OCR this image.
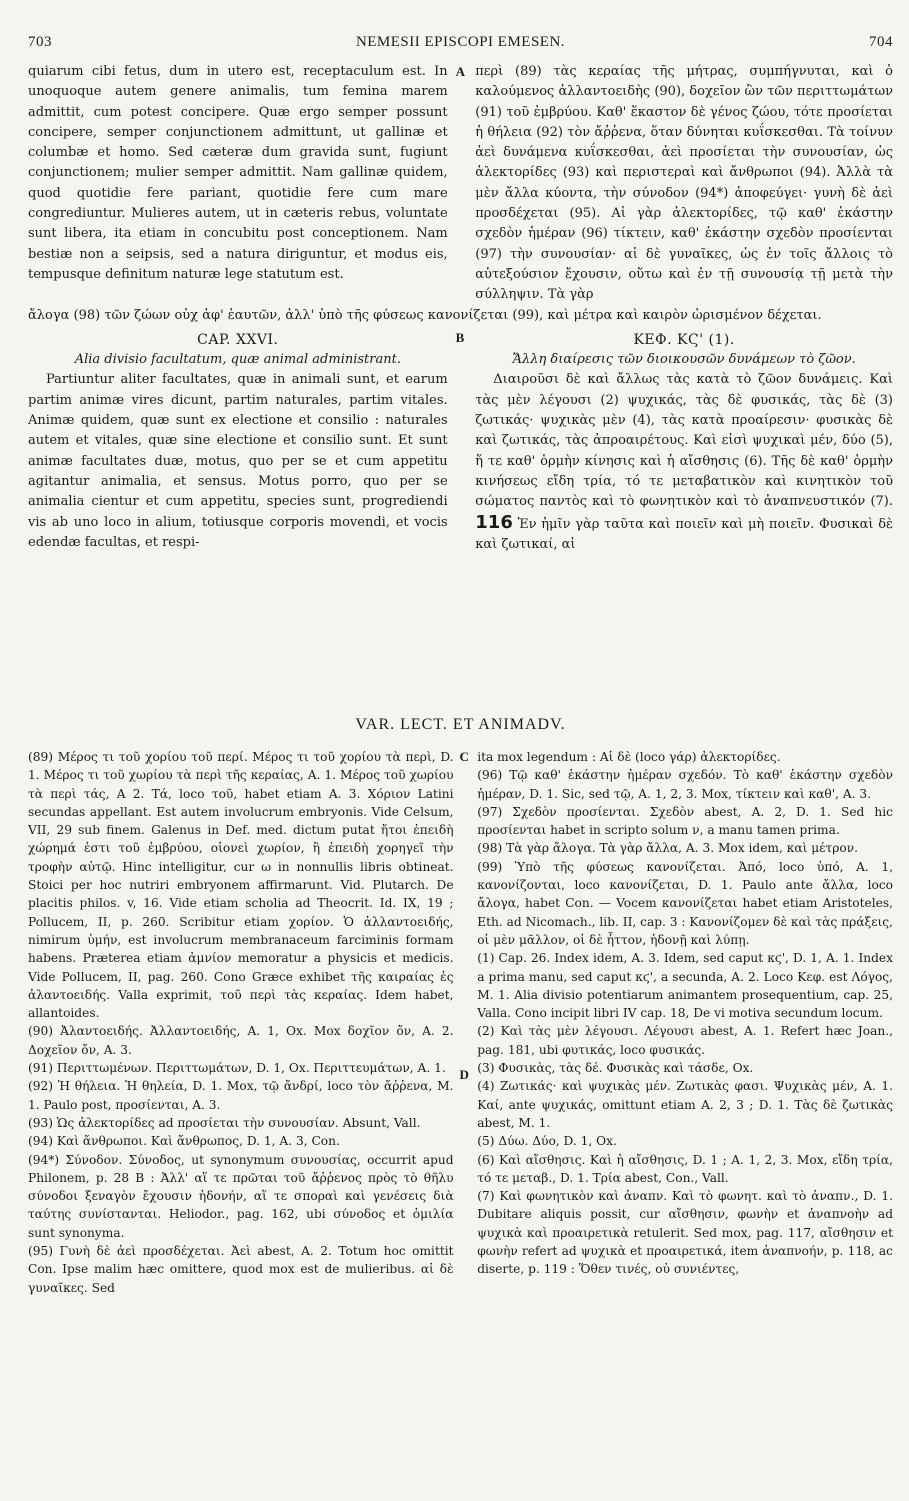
703	NEMESII EPISCOPI EMESEN.	704

quiarum cibi fetus, dum in utero est, receptaculum est. In unoquoque autem genere animalis, tum femina marem admittit, cum potest concipere. Quæ ergo semper possunt concipere, semper conjunctionem admittunt, ut gallinæ et columbæ et homo. Sed cæteræ dum gravida sunt, fugiunt conjunctionem; mulier semper admittit. Nam gallinæ quidem, quod quotidie fere pariant, quotidie fere cum mare congrediuntur. Mulieres autem, ut in cæteris rebus, voluntate sunt libera, ita etiam in concubitu post conceptionem. Nam bestiæ non a seipsis, sed a natura diriguntur, et modus eis, tempusque definitum naturæ lege statutum est.

A περὶ (89) τὰς κεραίας τῆς μήτρας, συμπήγνυται, καὶ ὁ καλούμενος ἀλλαντοειδὴς (90), δοχεῖον ὢν τῶν περιττωμάτων (91) τοῦ ἐμβρύου. Καθ' ἕκαστον δὲ γένος ζώου, τότε προσίεται ἡ θήλεια (92) τὸν ἄῤῥενα, ὅταν δύνηται κυΐσκεσθαι. Τὰ τοίνυν ἀεὶ δυνάμενα κυΐσκεσθαι, ἀεὶ προσίεται τὴν συνουσίαν, ὡς ἀλεκτορίδες (93) καὶ περιστεραὶ καὶ ἄνθρωποι (94). Ἀλλὰ τὰ μὲν ἄλλα κύοντα, τὴν σύνοδον (94*) ἀποφεύγει· γυνὴ δὲ ἀεὶ προσδέχεται (95). Αἱ γὰρ ἀλεκτορίδες, τῷ καθ' ἑκάστην σχεδὸν ἡμέραν (96) τίκτειν, καθ' ἑκάστην σχεδὸν προσίενται (97) τὴν συνουσίαν· αἱ δὲ γυναῖκες, ὡς ἐν τοῖς ἄλλοις τὸ αὐτεξούσιον ἔχουσιν, οὕτω καὶ ἐν τῇ συνουσίᾳ τῇ μετὰ τὴν σύλληψιν. Τὰ γὰρ

ἄλογα (98) τῶν ζώων οὐχ ἀφ' ἑαυτῶν, ἀλλ' ὑπὸ τῆς φύσεως κανονίζεται (99), καὶ μέτρα καὶ καιρὸν ὡρισμένον δέχεται.

CAP. XXVI.

Alia divisio facultatum, quæ animal administrant.

Partiuntur aliter facultates, quæ in animali sunt, et earum partim animæ vires dicunt, partim naturales, partim vitales. Animæ quidem, quæ sunt ex electione et consilio : naturales autem et vitales, quæ sine electione et consilio sunt. Et sunt animæ facultates duæ, motus, quo per se et cum appetitu agitantur animalia, et sensus. Motus porro, quo per se animalia cientur et cum appetitu, species sunt, progrediendi vis ab uno loco in alium, totiusque corporis movendi, et vocis edendæ facultas, et respi-

B	ΚΕΦ. ΚϚ' (1).

Ἄλλη διαίρεσις τῶν διοικουσῶν δυνάμεων τὸ ζῶον.

Διαιροῦσι δὲ καὶ ἄλλως τὰς κατὰ τὸ ζῶον δυνάμεις. Καὶ τὰς μὲν λέγουσι (2) ψυχικάς, τὰς δὲ φυσικάς, τὰς δὲ (3) ζωτικάς· ψυχικὰς μὲν (4), τὰς κατὰ προαίρεσιν· φυσικὰς δὲ καὶ ζωτικάς, τὰς ἀπροαιρέτους. Καὶ εἰσὶ ψυχικαὶ μέν, δύο (5), ἥ τε καθ' ὁρμὴν κίνησις καὶ ἡ αἴσθησις (6). Τῆς δὲ καθ' ὁρμὴν κινήσεως εἴδη τρία, τό τε μεταβατικὸν καὶ κινητικὸν τοῦ σώματος παντὸς καὶ τὸ φωνητικὸν καὶ τὸ ἀναπνευστικόν (7). 116 Ἐν ἡμῖν γὰρ ταῦτα καὶ ποιεῖν καὶ μὴ ποιεῖν. Φυσικαὶ δὲ καὶ ζωτικαί, αἱ

VAR. LECT. ET ANIMADV.

(89) Μέρος τι τοῦ χορίου τοῦ περί. Μέρος τι τοῦ χορίου τὰ περὶ, D. 1. Μέρος τι τοῦ χωρίου τὰ περὶ τῆς κεραίας, A. 1. Μέρος τοῦ χωρίου τὰ περὶ τάς, A 2. Τά, loco τοῦ, habet etiam A. 3. Χόριον Latini secundas appellant. Est autem involucrum embryonis. Vide Celsum, VII, 29 sub finem. Galenus in Def. med. dictum putat ἤτοι ἐπειδὴ χώρημά ἐστι τοῦ ἐμβρύου, οἱονεὶ χωρίον, ἢ ἐπειδὴ χορηγεῖ τὴν τροφὴν αὐτῷ. Hinc intelligitur, cur ω in nonnullis libris obtineat. Stoici per hoc nutriri embryonem affirmarunt. Vid. Plutarch. De placitis philos. v, 16. Vide etiam scholia ad Theocrit. Id. IX, 19 ; Pollucem, II, p. 260. Scribitur etiam χορίον. Ὁ ἀλλαντοειδής, nimirum ὑμήν, est involucrum membranaceum farciminis formam habens. Præterea etiam ἀμνίον memoratur a physicis et medicis. Vide Pollucem, II, pag. 260. Cono Græce exhibet τῆς καιραίας ἐς ἀλαντοειδής. Valla exprimit, τοῦ περὶ τὰς κεραίας. Idem habet, allantoides.

(90) Ἀλαντοειδής. Ἀλλαντοειδής, A. 1, Ox. Mox δοχῖον ὄν, A. 2. Δοχεῖον ὄν, A. 3.

(91) Περιττωμένων. Περιττωμάτων, D. 1, Ox. Περιττευμάτων, A. 1.

(92) Ἡ θήλεια. Ἡ θηλεία, D. 1. Mox, τῷ ἄνδρί, loco τὸν ἄῤῥενα, M. 1. Paulo post, προσίενται, A. 3.

(93) Ὡς ἀλεκτορίδες ad προσίεται τὴν συνουσίαν. Absunt, Vall.

(94) Καὶ ἄνθρωποι. Καὶ ἄνθρωπος, D. 1, A. 3, Con.

(94*) Σύνοδον. Σύνοδος, ut synonymum συνουσίας, occurrit apud Philonem, p. 28 B : Ἀλλ' αἵ τε πρῶται τοῦ ἄῤῥενος πρὸς τὸ θῆλυ σύνοδοι ξεναγὸν ἔχουσιν ἡδονήν, αἵ τε σποραὶ καὶ γενέσεις διὰ ταύτης συνίστανται. Heliodor., pag. 162, ubi σύνοδος et ὁμιλία sunt synonyma.

(95) Γυνὴ δὲ ἀεὶ προσδέχεται. Ἀεὶ abest, A. 2. Totum hoc omittit Con. Ipse malim hæc omittere, quod mox est de mulieribus. αἱ δὲ γυναῖκες. Sed

C
D

ita mox legendum : Αἱ δὲ (loco γάρ) ἀλεκτορίδες.

(96) Τῷ καθ' ἑκάστην ἡμέραν σχεδόν. Τὸ καθ' ἑκάστην σχεδὸν ἡμέραν, D. 1. Sic, sed τῷ, A. 1, 2, 3. Mox, τίκτειν καὶ καθ', A. 3.

(97) Σχεδὸν προσίενται. Σχεδὸν abest, A. 2, D. 1. Sed hic προσίενται habet in scripto solum ν, a manu tamen prima.

(98) Τὰ γὰρ ἄλογα. Τὰ γὰρ ἄλλα, A. 3. Mox idem, καὶ μέτρον.

(99) Ὑπὸ τῆς φύσεως κανονίζεται. Ἀπό, loco ὑπό, A. 1, κανονίζονται, loco κανονίζεται, D. 1. Paulo ante ἄλλα, loco ἄλογα, habet Con. — Vocem κανονίζεται habet etiam Aristoteles, Eth. ad Nicomach., lib. II, cap. 3 : Κανονίζομεν δὲ καὶ τὰς πράξεις, οἱ μὲν μᾶλλον, οἱ δὲ ἧττον, ἡδονῇ καὶ λύπῃ.

(1) Cap. 26. Index idem, A. 3. Idem, sed caput κϛ', D. 1, A. 1. Index a prima manu, sed caput κϛ', a secunda, A. 2. Loco Κεφ. est Λόγος, M. 1. Alia divisio potentiarum animantem prosequentium, cap. 25, Valla. Cono incipit libri IV cap. 18, De vi motiva secundum locum.

(2) Καὶ τὰς μὲν λέγουσι. Λέγουσι abest, A. 1. Refert hæc Joan., pag. 181, ubi φυτικάς, loco φυσικάς.

(3) Φυσικὰς, τὰς δέ. Φυσικὰς καὶ τάσδε, Ox.

(4) Ζωτικάς· καὶ ψυχικὰς μέν. Ζωτικὰς φασι. Ψυχικὰς μέν, A. 1. Καί, ante ψυχικάς, omittunt etiam A. 2, 3 ; D. 1. Τὰς δὲ ζωτικὰς abest, M. 1.

(5) Δύω. Δύο, D. 1, Ox.

(6) Καὶ αἴσθησις. Καὶ ἡ αἴσθησις, D. 1 ; A. 1, 2, 3. Mox, εἴδη τρία, τό τε μεταβ., D. 1. Τρία abest, Con., Vall.

(7) Καὶ φωνητικὸν καὶ ἀναπν. Καὶ τὸ φωνητ. καὶ τὸ ἀναπν., D. 1. Dubitare aliquis possit, cur αἴσθησιν, φωνὴν et ἀναπνοὴν ad ψυχικὰ καὶ προαιρετικὰ retulerit. Sed mox, pag. 117, αἴσθησιν et φωνὴν refert ad ψυχικὰ et προαιρετικά, item ἀναπνοήν, p. 118, ac diserte, p. 119 : Ὅθεν τινές, οὐ συνιέντες,
